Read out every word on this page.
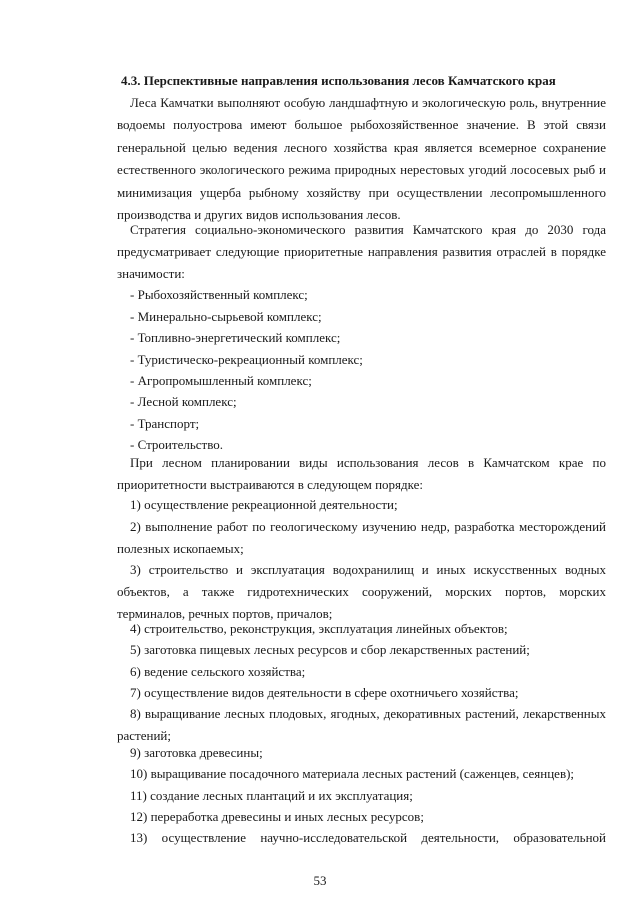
4.3. Перспективные направления использования лесов Камчатского края

Леса Камчатки выполняют особую ландшафтную и экологическую роль, внутренние водоемы полуострова имеют большое рыбохозяйственное значение. В этой связи генеральной целью ведения лесного хозяйства края является всемерное сохранение естественного экологического режима природных нерестовых угодий лососевых рыб и минимизация ущерба рыбному хозяйству при осуществлении лесопромышленного производства и других видов использования лесов.

Стратегия социально-экономического развития Камчатского края до 2030 года предусматривает следующие приоритетные направления развития отраслей в порядке значимости:

- Рыбохозяйственный комплекс;
- Минерально-сырьевой комплекс;
- Топливно-энергетический комплекс;
- Туристическо-рекреационный комплекс;
- Агропромышленный комплекс;
- Лесной комплекс;
- Транспорт;
- Строительство.

При лесном планировании виды использования лесов в Камчатском крае по приоритетности выстраиваются в следующем порядке:

1) осуществление рекреационной деятельности;

2) выполнение работ по геологическому изучению недр, разработка месторождений полезных ископаемых;

3) строительство и эксплуатация водохранилищ и иных искусственных водных объектов, а также гидротехнических сооружений, морских портов, морских терминалов, речных портов, причалов;

4) строительство, реконструкция, эксплуатация линейных объектов;

5) заготовка пищевых лесных ресурсов и сбор лекарственных растений;

6) ведение сельского хозяйства;

7) осуществление видов деятельности в сфере охотничьего хозяйства;

8) выращивание лесных плодовых, ягодных, декоративных растений, лекарственных растений;

9) заготовка древесины;

10) выращивание посадочного материала лесных растений (саженцев, сеянцев);

11) создание лесных плантаций и их эксплуатация;

12) переработка древесины и иных лесных ресурсов;

13) осуществление научно-исследовательской деятельности, образовательной

53
